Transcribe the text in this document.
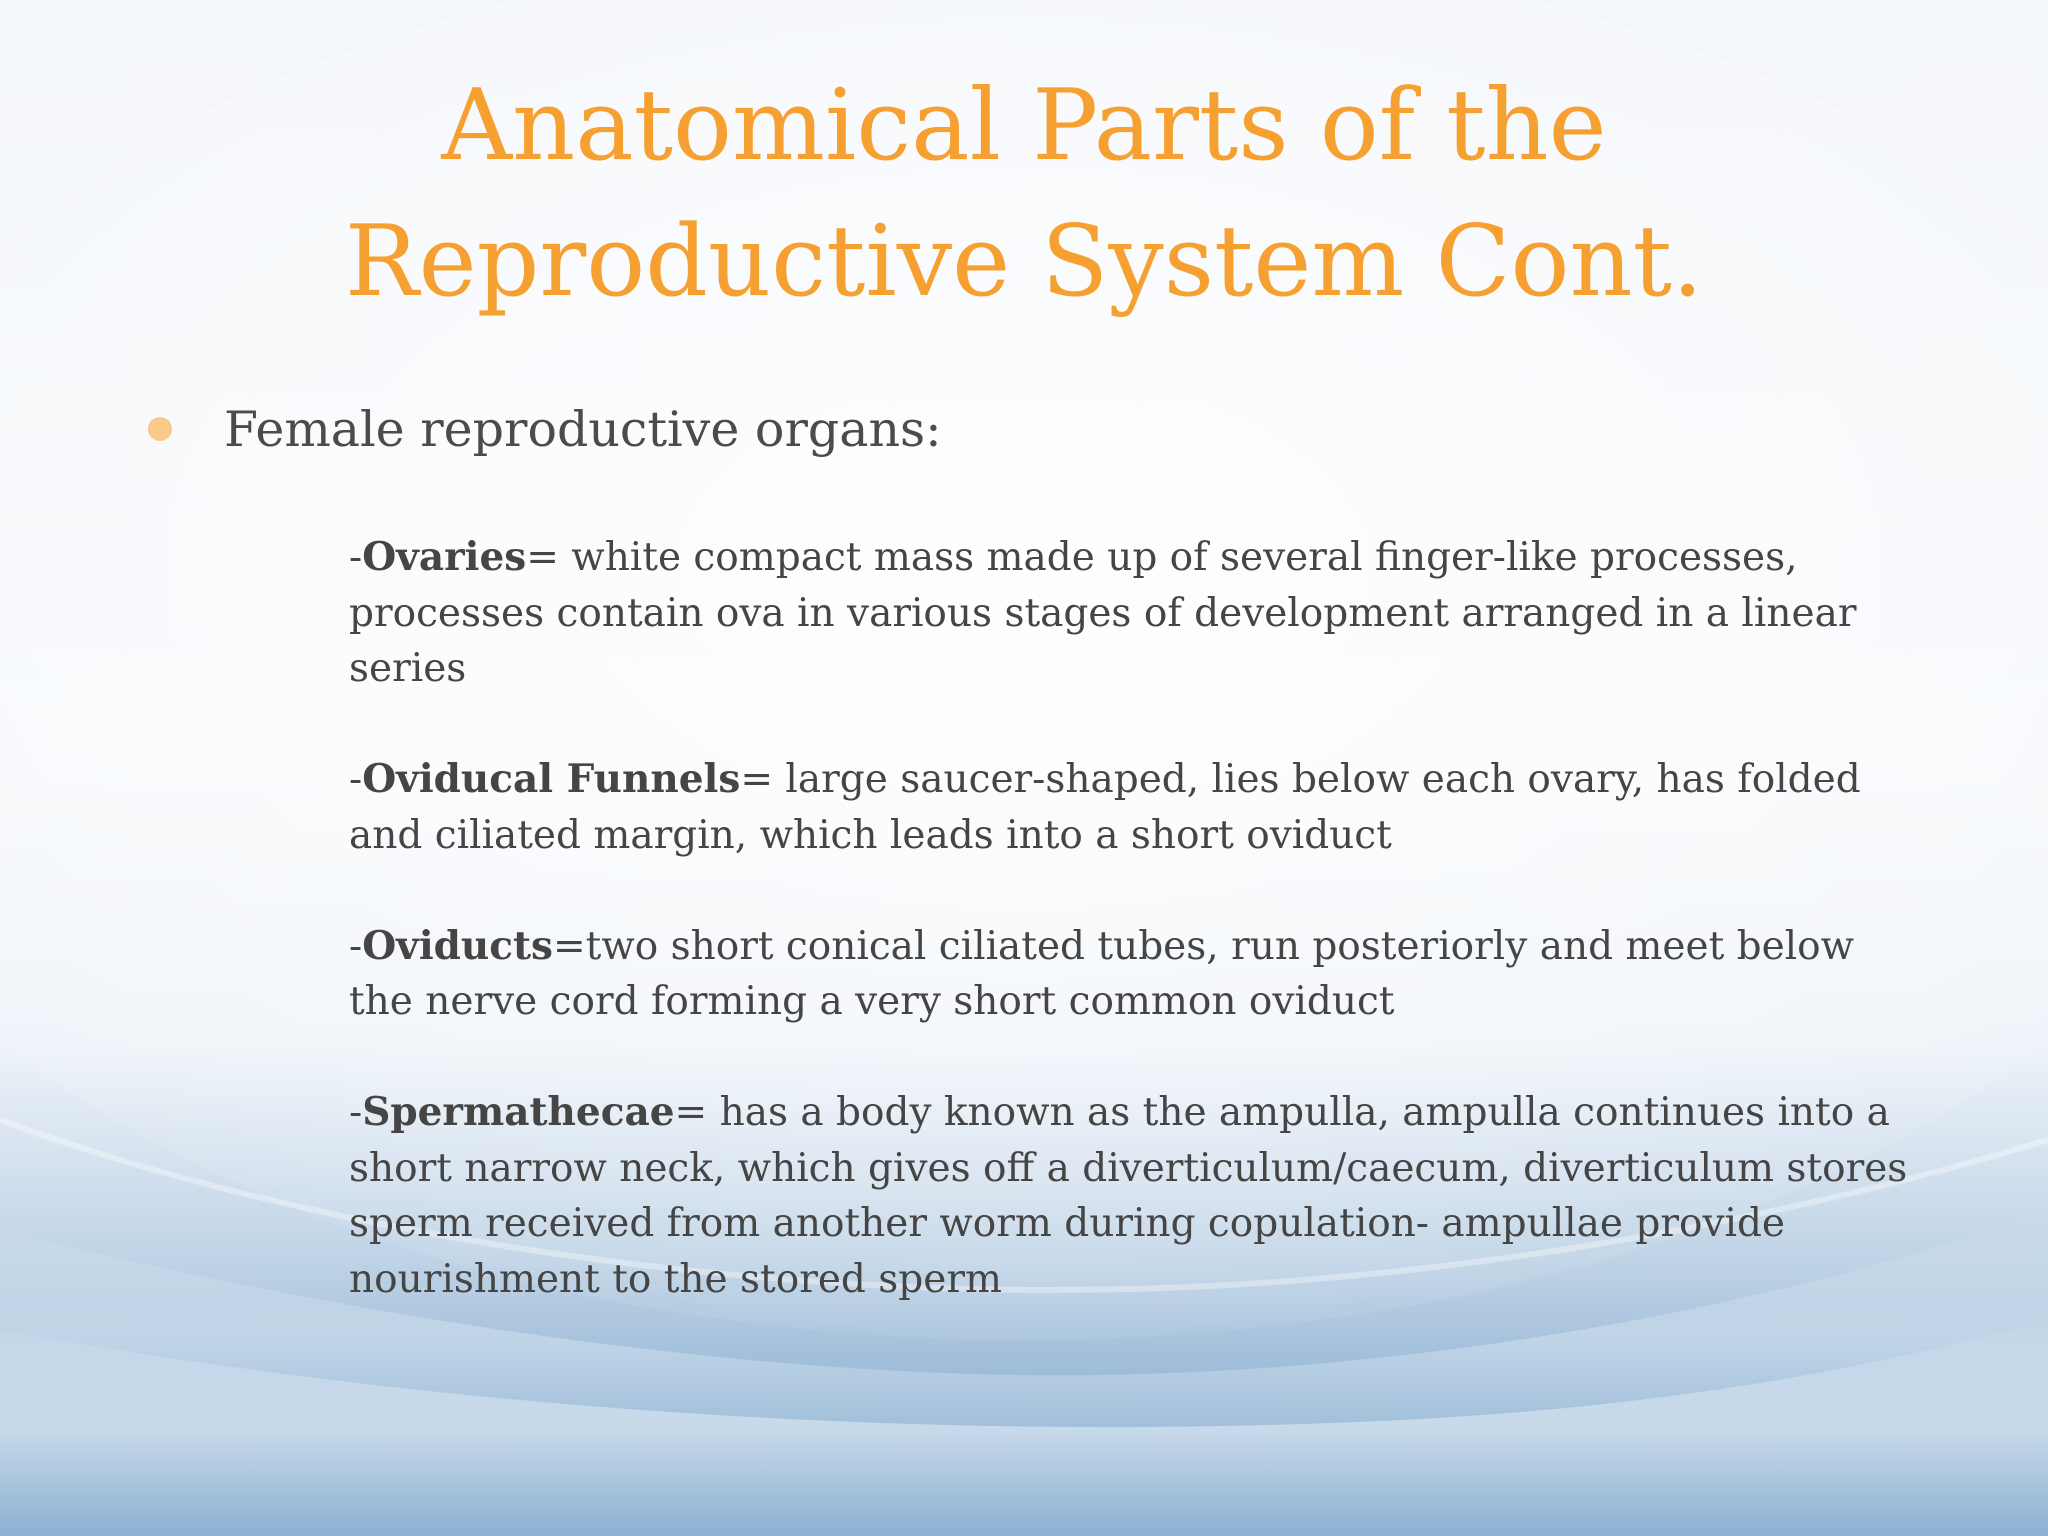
Anatomical Parts of the
Reproductive System Cont.
Female reproductive organs:

-Ovaries= white compact mass made up of several finger-like processes, processes contain ova in various stages of development arranged in a linear series

-Oviducal Funnels= large saucer-shaped, lies below each ovary, has folded and ciliated margin, which leads into a short oviduct

-Oviducts=two short conical ciliated tubes, run posteriorly and meet below the nerve cord forming a very short common oviduct

-Spermathecae= has a body known as the ampulla, ampulla continues into a short narrow neck, which gives off a diverticulum/caecum, diverticulum stores sperm received from another worm during copulation- ampullae provide nourishment to the stored sperm
